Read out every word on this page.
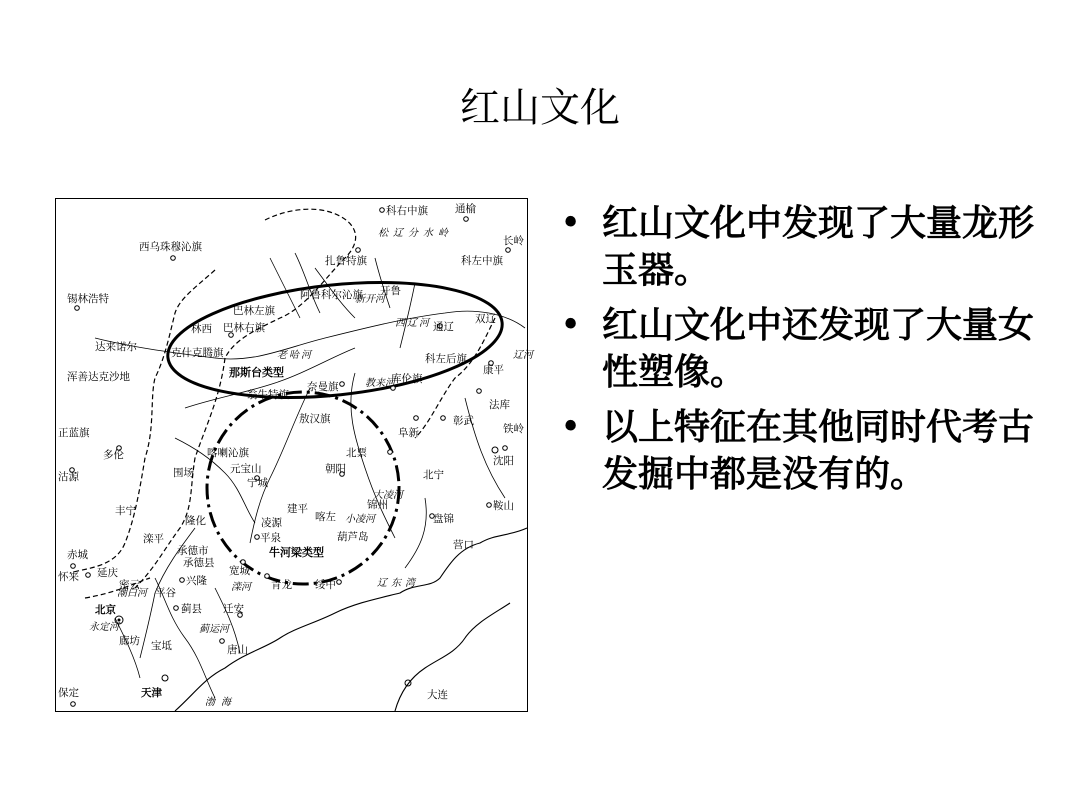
红山文化
科右中旗	通榆
长岭
西乌珠穆沁旗
扎鲁特旗	科左中旗
锡林浩特	阿鲁科尔沁旗
巴林左旗
双辽
开鲁
通辽
林西 巴林右旗
达来诺尔	克什克腾旗	科左后旗
浑善达克沙地
康平
库伦旗
奈曼旗
翁牛特旗
法库
彰武
正蓝旗
敖汉旗
阜新	铁岭
多伦	喀喇沁旗	北票
沈阳
沽源	围场	元宝山
宁城
朝阳	北宁
建平	锦州	鞍山
丰宁
隆化	凌源	喀左	盘锦
滦平	平泉	葫芦岛
营口
赤城	承德市
承德县
怀来 延庆
兴隆
宽城
青龙 绥中
密云
平谷
北京	蓟县 迁安
廊坊 宝坻	唐山
天津
保定	大连
那斯台类型
牛河梁类型
辽东湾
渤海
松辽分水岭
西辽河
老哈河
大凌河
小凌河
潮白河
永定河	蓟运河
滦河
新开河
教来河
辽河
• 红山文化中发现了大量龙形玉器。
• 红山文化中还发现了大量女性塑像。
• 以上特征在其他同时代考古发掘中都是没有的。
